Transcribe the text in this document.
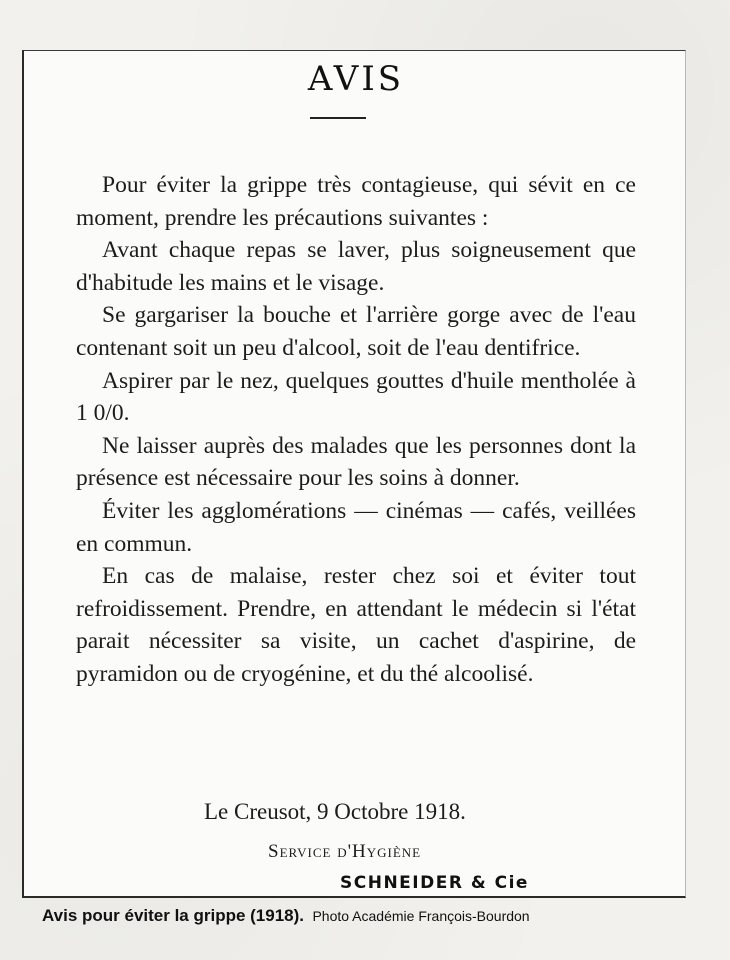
AVIS

Pour éviter la grippe très contagieuse, qui sévit en ce moment, prendre les précautions suivantes :

Avant chaque repas se laver, plus soigneusement que d'habitude les mains et le visage.

Se gargariser la bouche et l'arrière gorge avec de l'eau contenant soit un peu d'alcool, soit de l'eau dentifrice.

Aspirer par le nez, quelques gouttes d'huile mentholée à 1 0/0.

Ne laisser auprès des malades que les personnes dont la présence est nécessaire pour les soins à donner.

Éviter les agglomérations — cinémas — cafés, veillées en commun.

En cas de malaise, rester chez soi et éviter tout refroidissement. Prendre, en attendant le médecin si l'état parait nécessiter sa visite, un cachet d'aspirine, de pyramidon ou de cryogénine, et du thé alcoolisé.

Le Creusot, 9 Octobre 1918.
Service d'Hygiène
SCHNEIDER & Cie
Avis pour éviter la grippe (1918). Photo Académie François-Bourdon
